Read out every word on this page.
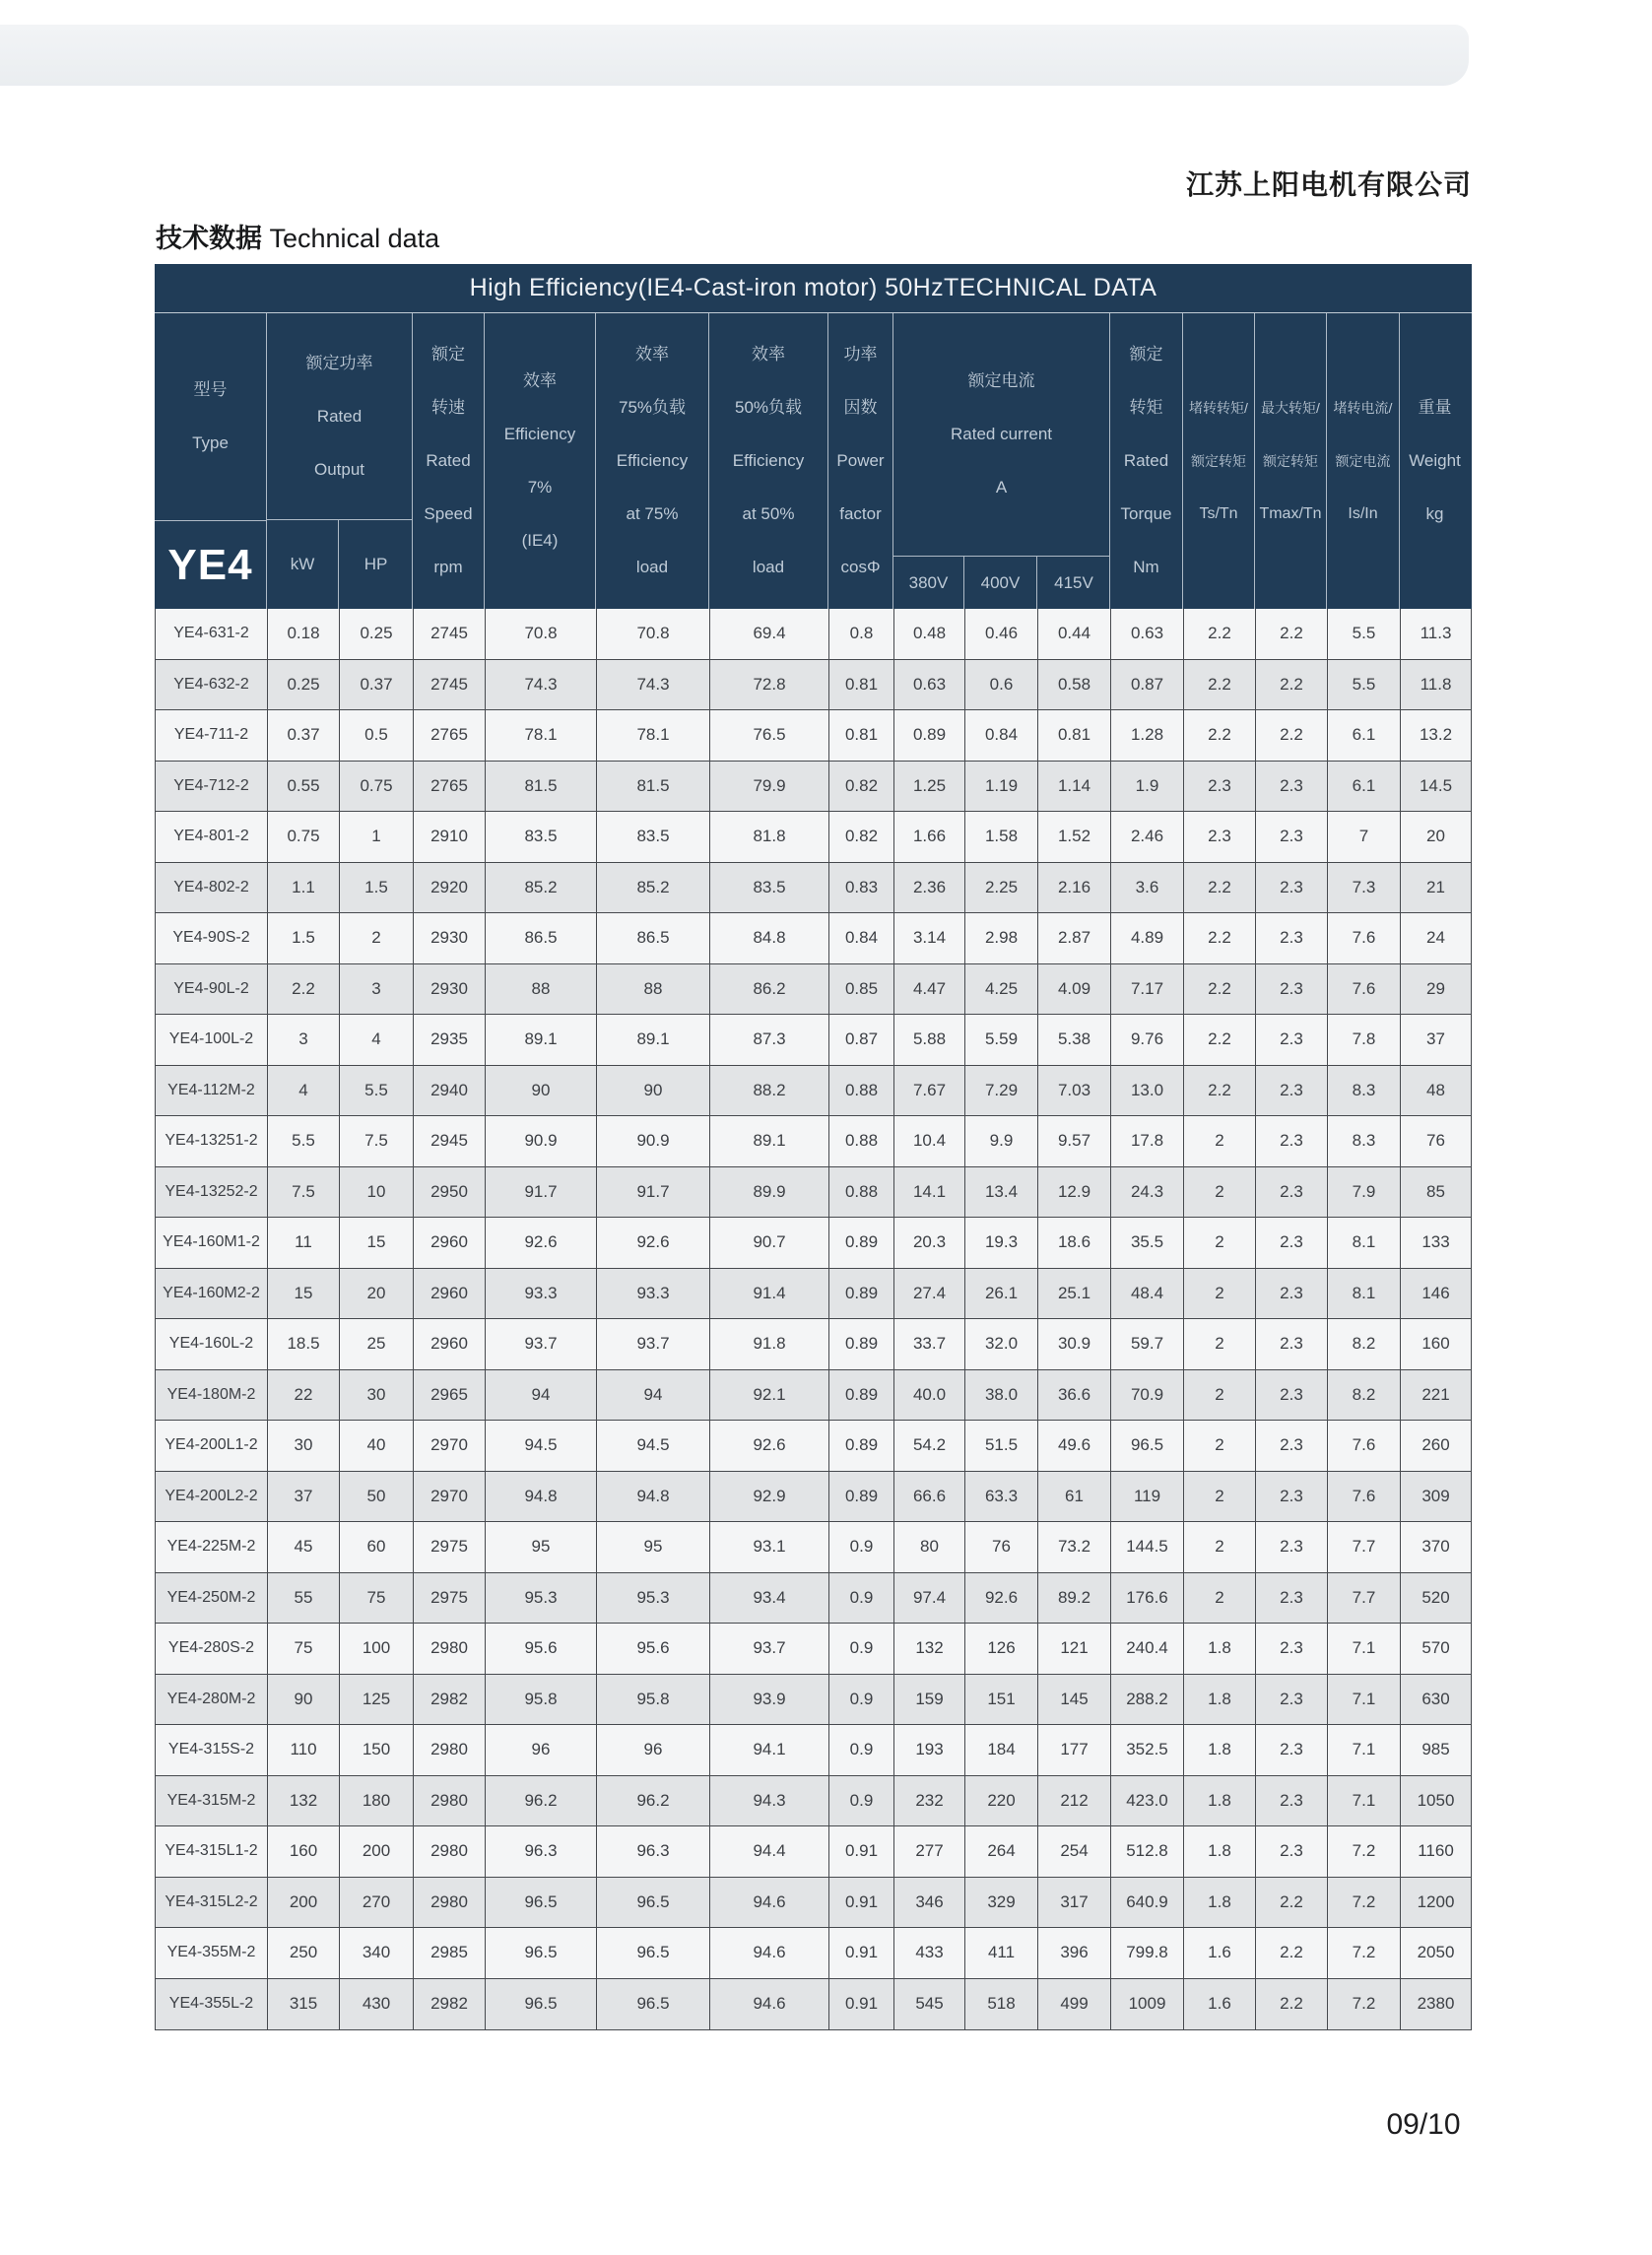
江苏上阳电机有限公司
技术数据 Technical data
High Efficiency(IE4-Cast-iron motor) 50HzTECHNICAL DATA
型号
Type
YE4
额定功率
Rated
Output
kW	HP
额定
转速
Rated
Speed
rpm
效率
Efficiency
7%
(IE4)
效率
75%负载
Efficiency
at 75%
load
效率
50%负载
Efficiency
at 50%
load
功率
因数
Power
factor
cosΦ
额定电流
Rated current
A
380V	400V	415V
额定
转矩
Rated
Torque
Nm
堵转转矩/
额定转矩
Ts/Tn
最大转矩/
额定转矩
Tmax/Tn
堵转电流/
额定电流
Is/In
重量
Weight
kg
YE4-631-2	0.18	0.25	2745	70.8	70.8	69.4	0.8	0.48	0.46	0.44	0.63	2.2	2.2	5.5	11.3
YE4-632-2	0.25	0.37	2745	74.3	74.3	72.8	0.81	0.63	0.6	0.58	0.87	2.2	2.2	5.5	11.8
YE4-711-2	0.37	0.5	2765	78.1	78.1	76.5	0.81	0.89	0.84	0.81	1.28	2.2	2.2	6.1	13.2
YE4-712-2	0.55	0.75	2765	81.5	81.5	79.9	0.82	1.25	1.19	1.14	1.9	2.3	2.3	6.1	14.5
YE4-801-2	0.75	1	2910	83.5	83.5	81.8	0.82	1.66	1.58	1.52	2.46	2.3	2.3	7	20
YE4-802-2	1.1	1.5	2920	85.2	85.2	83.5	0.83	2.36	2.25	2.16	3.6	2.2	2.3	7.3	21
YE4-90S-2	1.5	2	2930	86.5	86.5	84.8	0.84	3.14	2.98	2.87	4.89	2.2	2.3	7.6	24
YE4-90L-2	2.2	3	2930	88	88	86.2	0.85	4.47	4.25	4.09	7.17	2.2	2.3	7.6	29
YE4-100L-2	3	4	2935	89.1	89.1	87.3	0.87	5.88	5.59	5.38	9.76	2.2	2.3	7.8	37
YE4-112M-2	4	5.5	2940	90	90	88.2	0.88	7.67	7.29	7.03	13.0	2.2	2.3	8.3	48
YE4-13251-2	5.5	7.5	2945	90.9	90.9	89.1	0.88	10.4	9.9	9.57	17.8	2	2.3	8.3	76
YE4-13252-2	7.5	10	2950	91.7	91.7	89.9	0.88	14.1	13.4	12.9	24.3	2	2.3	7.9	85
YE4-160M1-2	11	15	2960	92.6	92.6	90.7	0.89	20.3	19.3	18.6	35.5	2	2.3	8.1	133
YE4-160M2-2	15	20	2960	93.3	93.3	91.4	0.89	27.4	26.1	25.1	48.4	2	2.3	8.1	146
YE4-160L-2	18.5	25	2960	93.7	93.7	91.8	0.89	33.7	32.0	30.9	59.7	2	2.3	8.2	160
YE4-180M-2	22	30	2965	94	94	92.1	0.89	40.0	38.0	36.6	70.9	2	2.3	8.2	221
YE4-200L1-2	30	40	2970	94.5	94.5	92.6	0.89	54.2	51.5	49.6	96.5	2	2.3	7.6	260
YE4-200L2-2	37	50	2970	94.8	94.8	92.9	0.89	66.6	63.3	61	119	2	2.3	7.6	309
YE4-225M-2	45	60	2975	95	95	93.1	0.9	80	76	73.2	144.5	2	2.3	7.7	370
YE4-250M-2	55	75	2975	95.3	95.3	93.4	0.9	97.4	92.6	89.2	176.6	2	2.3	7.7	520
YE4-280S-2	75	100	2980	95.6	95.6	93.7	0.9	132	126	121	240.4	1.8	2.3	7.1	570
YE4-280M-2	90	125	2982	95.8	95.8	93.9	0.9	159	151	145	288.2	1.8	2.3	7.1	630
YE4-315S-2	110	150	2980	96	96	94.1	0.9	193	184	177	352.5	1.8	2.3	7.1	985
YE4-315M-2	132	180	2980	96.2	96.2	94.3	0.9	232	220	212	423.0	1.8	2.3	7.1	1050
YE4-315L1-2	160	200	2980	96.3	96.3	94.4	0.91	277	264	254	512.8	1.8	2.3	7.2	1160
YE4-315L2-2	200	270	2980	96.5	96.5	94.6	0.91	346	329	317	640.9	1.8	2.2	7.2	1200
YE4-355M-2	250	340	2985	96.5	96.5	94.6	0.91	433	411	396	799.8	1.6	2.2	7.2	2050
YE4-355L-2	315	430	2982	96.5	96.5	94.6	0.91	545	518	499	1009	1.6	2.2	7.2	2380
09/10
